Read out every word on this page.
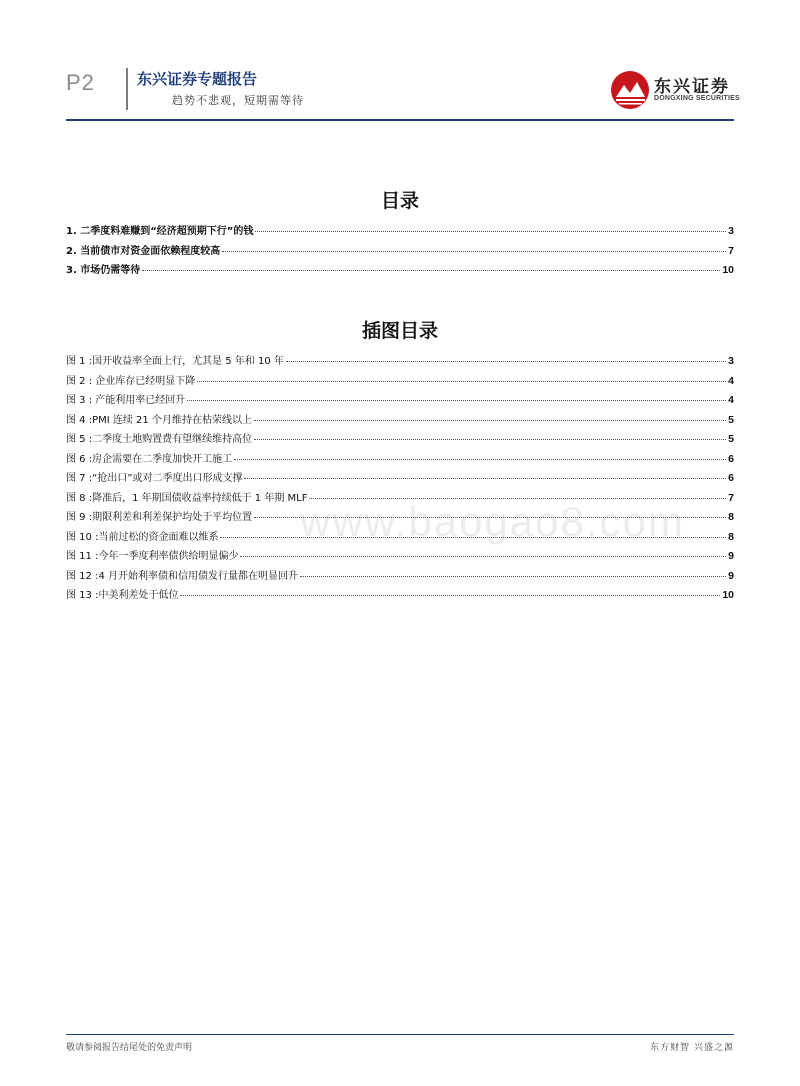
P2	东兴证券专题报告
趋势不悲观，短期需等待
东兴证券
DONGXING SECURITIES
目录
1. 二季度料难赚到“经济超预期下行”的钱	3
2. 当前债市对资金面依赖程度较高	7
3. 市场仍需等待	10
插图目录
图 1 :国开收益率全面上行，尤其是 5 年和 10 年	3
图 2 : 企业库存已经明显下降	4
图 3 : 产能利用率已经回升	4
图 4 :PMI 连续 21 个月维持在枯荣线以上	5
图 5 :二季度土地购置费有望继续维持高位	5
图 6 :房企需要在二季度加快开工施工	6
图 7 :“抢出口”或对二季度出口形成支撑	6
图 8 :降准后，1 年期国债收益率持续低于 1 年期 MLF	7
图 9 :期限利差和利差保护均处于平均位置	8
图 10 :当前过松的资金面难以维系	8
图 11 :今年一季度利率债供给明显偏少	9
图 12 :4 月开始利率债和信用债发行量都在明显回升	9
图 13 :中美利差处于低位	10
www.baogao8.com
敬请参阅报告结尾处的免责声明	东方财智 兴盛之源
